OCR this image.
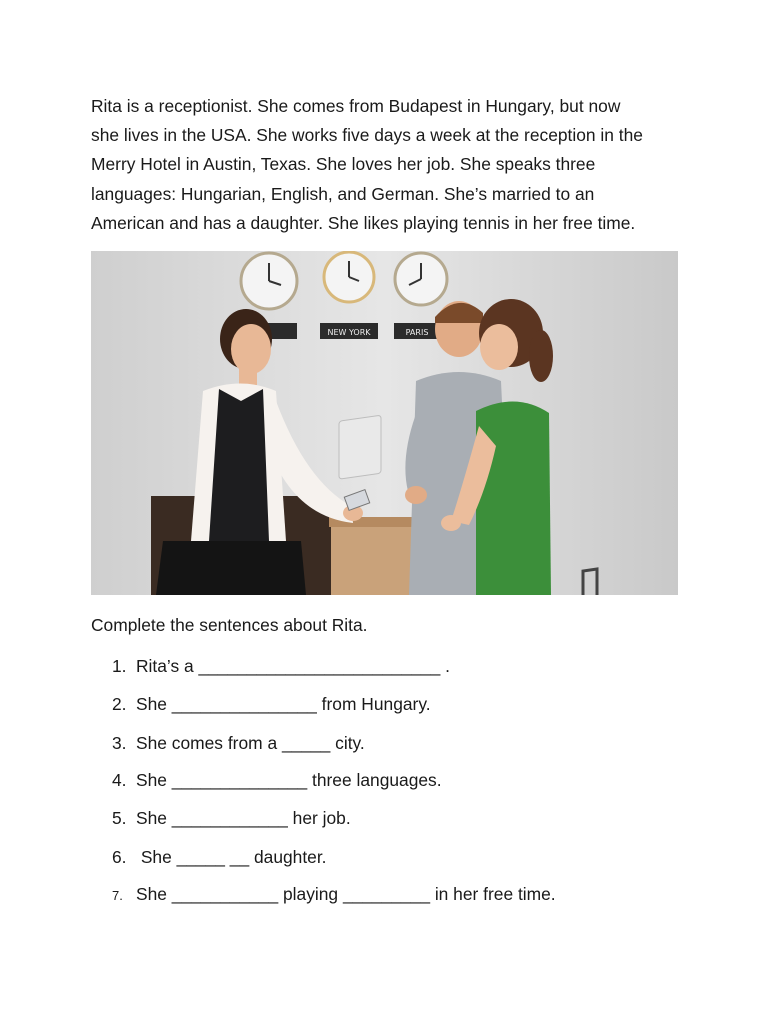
Rita is a receptionist. She comes from Budapest in Hungary, but now
she lives in the USA. She works five days a week at the reception in the
Merry Hotel in Austin, Texas. She loves her job. She speaks three
languages: Hungarian, English, and German. She’s married to an
American and has a daughter. She likes playing tennis in her free time.

NEW YORK	PARIS

Complete the sentences about Rita.

1. Rita’s a _________________________ .
2. She _______________ from Hungary.
3. She comes from a _____ city.
4. She ______________ three languages.
5. She ____________ her job.
6. She _____ __ daughter.
7. She ___________ playing _________ in her free time.
